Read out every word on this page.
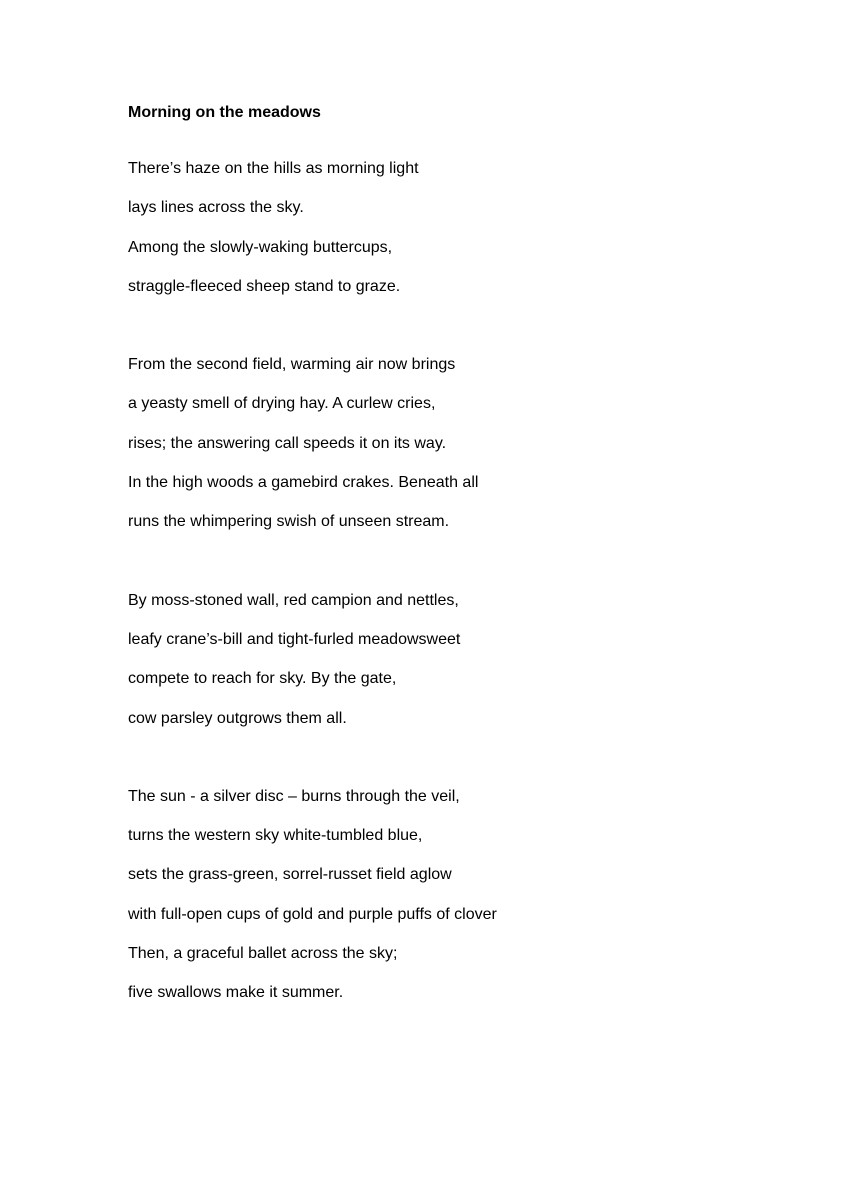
Morning on the meadows
There’s haze on the hills as morning light
lays lines across the sky.
Among the slowly-waking buttercups,
straggle-fleeced sheep stand to graze.
From the second field, warming air now brings
a yeasty smell of drying hay. A curlew cries,
rises; the answering call speeds it on its way.
In the high woods a gamebird crakes. Beneath all
runs the whimpering swish of unseen stream.
By moss-stoned wall, red campion and nettles,
leafy crane’s-bill and tight-furled meadowsweet
compete to reach for sky. By the gate,
cow parsley outgrows them all.
The sun - a silver disc – burns through the veil,
turns the western sky white-tumbled blue,
sets the grass-green, sorrel-russet field aglow
with full-open cups of gold and purple puffs of clover
Then, a graceful ballet across the sky;
five swallows make it summer.
